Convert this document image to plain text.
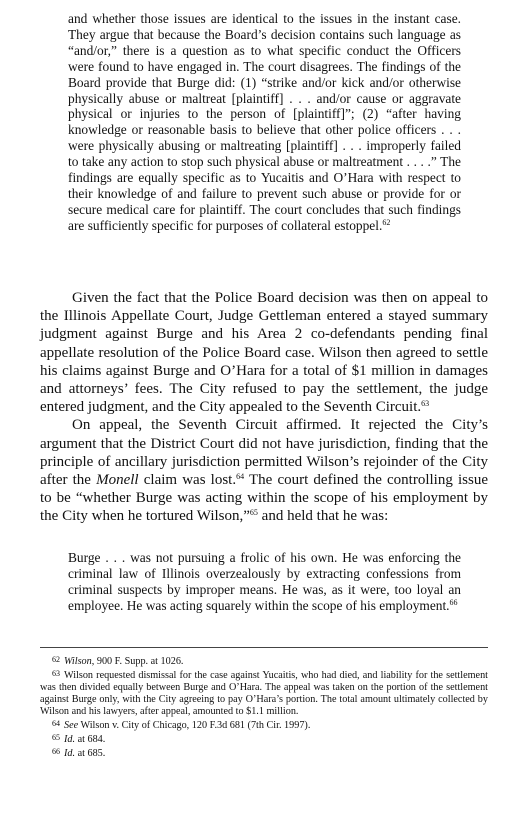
and whether those issues are identical to the issues in the instant case. They argue that because the Board’s decision contains such language as “and/or,” there is a question as to what specific conduct the Officers were found to have engaged in. The court disagrees. The findings of the Board provide that Burge did: (1) “strike and/or kick and/or otherwise physically abuse or maltreat [plaintiff] . . . and/or cause or aggravate physical or injuries to the person of [plaintiff]”; (2) “after having knowledge or reasonable basis to believe that other police officers . . . were physically abusing or maltreating [plaintiff] . . . improperly failed to take any action to stop such physical abuse or maltreatment . . . .” The findings are equally specific as to Yucaitis and O’Hara with respect to their knowledge of and failure to prevent such abuse or provide for or secure medical care for plaintiff. The court concludes that such findings are sufficiently specific for purposes of collateral estoppel.$^{62}$

Given the fact that the Police Board decision was then on appeal to the Illinois Appellate Court, Judge Gettleman entered a stayed summary judgment against Burge and his Area 2 co-defendants pending final appellate resolution of the Police Board case. Wilson then agreed to settle his claims against Burge and O’Hara for a total of $1 million in damages and attorneys’ fees. The City refused to pay the settlement, the judge entered judgment, and the City appealed to the Seventh Circuit.$^{63}$

On appeal, the Seventh Circuit affirmed. It rejected the City’s argument that the District Court did not have jurisdiction, finding that the principle of ancillary jurisdiction permitted Wilson’s rejoinder of the City after the Monell claim was lost.$^{64}$ The court defined the controlling issue to be “whether Burge was acting within the scope of his employment by the City when he tortured Wilson,”$^{65}$ and held that he was:

Burge . . . was not pursuing a frolic of his own. He was enforcing the criminal law of Illinois overzealously by extracting confessions from criminal suspects by improper means. He was, as it were, too loyal an employee. He was acting squarely within the scope of his employment.$^{66}$

62 Wilson, 900 F. Supp. at 1026.

63 Wilson requested dismissal for the case against Yucaitis, who had died, and liability for the settlement was then divided equally between Burge and O’Hara. The appeal was taken on the portion of the settlement against Burge only, with the City agreeing to pay O’Hara’s portion. The total amount ultimately collected by Wilson and his lawyers, after appeal, amounted to $1.1 million.

64 See Wilson v. City of Chicago, 120 F.3d 681 (7th Cir. 1997).

65 Id. at 684.

66 Id. at 685.
